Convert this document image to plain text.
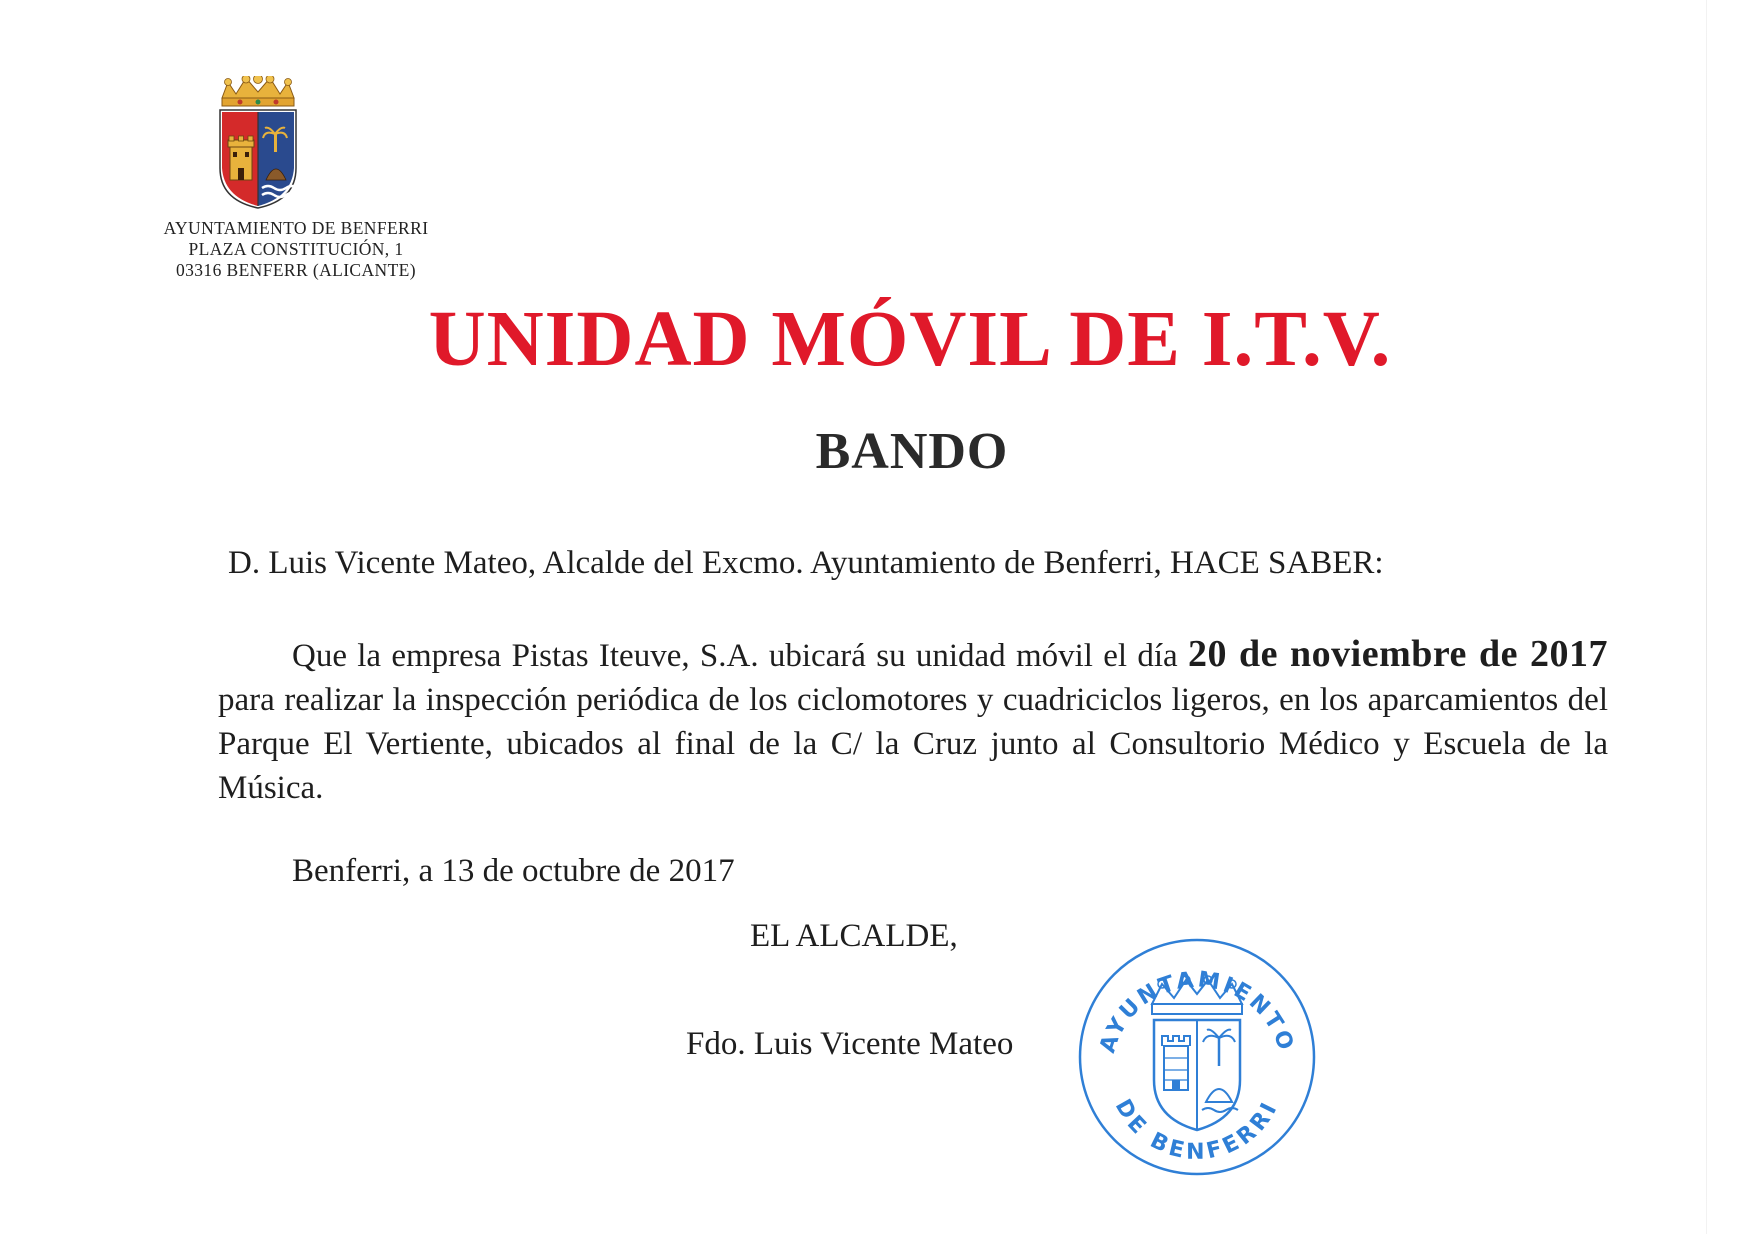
AYUNTAMIENTO DE BENFERRI
PLAZA CONSTITUCIÓN, 1
03316 BENFERR (ALICANTE)
UNIDAD MÓVIL DE I.T.V.
BANDO
D. Luis Vicente Mateo, Alcalde del Excmo. Ayuntamiento de Benferri, HACE SABER:
Que la empresa Pistas Iteuve, S.A. ubicará su unidad móvil el día 20 de noviembre de 2017 para realizar la inspección periódica de los ciclomotores y cuadriciclos ligeros, en los aparcamientos del Parque El Vertiente, ubicados al final de la C/ la Cruz junto al Consultorio Médico y Escuela de la Música.
Benferri, a 13 de octubre de 2017
EL ALCALDE,
Fdo. Luis Vicente Mateo	AYUNTAMIENTO
DE BENFERRI
